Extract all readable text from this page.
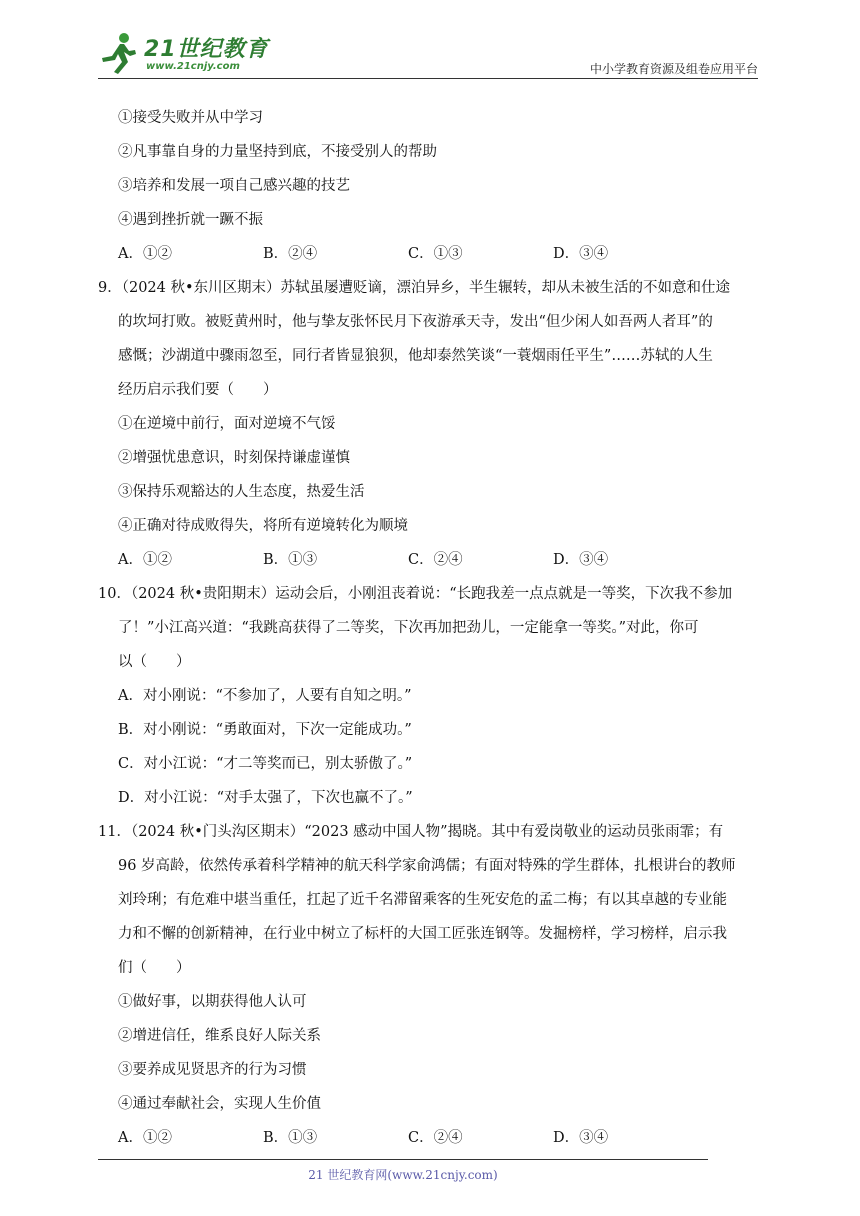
21世纪教育
www.21cnjy.com	中小学教育资源及组卷应用平台
①接受失败并从中学习
②凡事靠自身的力量坚持到底，不接受别人的帮助
③培养和发展一项自己感兴趣的技艺
④遇到挫折就一蹶不振
A．①②	B．②④	C．①③	D．③④
9．（2024 秋•东川区期末）苏轼虽屡遭贬谪，漂泊异乡，半生辗转，却从未被生活的不如意和仕途
的坎坷打败。被贬黄州时，他与挚友张怀民月下夜游承天寺，发出“但少闲人如吾两人者耳”的
感慨；沙湖道中骤雨忽至，同行者皆显狼狈，他却泰然笑谈“一蓑烟雨任平生”……苏轼的人生
经历启示我们要（　　）
①在逆境中前行，面对逆境不气馁
②增强忧患意识，时刻保持谦虚谨慎
③保持乐观豁达的人生态度，热爱生活
④正确对待成败得失，将所有逆境转化为顺境
A．①②	B．①③	C．②④	D．③④
10．（2024 秋•贵阳期末）运动会后，小刚沮丧着说：“长跑我差一点点就是一等奖，下次我不参加
了！”小江高兴道：“我跳高获得了二等奖，下次再加把劲儿，一定能拿一等奖。”对此，你可
以（　　）
A．对小刚说：“不参加了，人要有自知之明。”
B．对小刚说：“勇敢面对，下次一定能成功。”
C．对小江说：“才二等奖而已，别太骄傲了。”
D．对小江说：“对手太强了，下次也赢不了。”
11．（2024 秋•门头沟区期末）“2023 感动中国人物”揭晓。其中有爱岗敬业的运动员张雨霏；有
96 岁高龄，依然传承着科学精神的航天科学家俞鸿儒；有面对特殊的学生群体，扎根讲台的教师
刘玲琍；有危难中堪当重任，扛起了近千名滞留乘客的生死安危的孟二梅；有以其卓越的专业能
力和不懈的创新精神，在行业中树立了标杆的大国工匠张连钢等。发掘榜样，学习榜样，启示我
们（　　）
①做好事，以期获得他人认可
②增进信任，维系良好人际关系
③要养成见贤思齐的行为习惯
④通过奉献社会，实现人生价值
A．①②	B．①③	C．②④	D．③④
21 世纪教育网(www.21cnjy.com)
